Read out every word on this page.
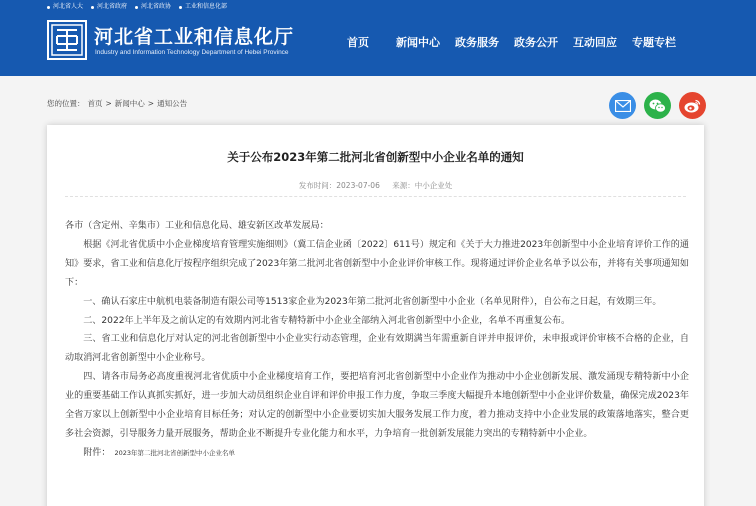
河北省人大 河北省政府 河北省政协 工业和信息化部
河北省工业和信息化厅
Industry and Information Technology Department of Hebei Province
首页 新闻中心 政务服务 政务公开 互动回应 专题专栏
您的位置： 首页 > 新闻中心 > 通知公告
关于公布2023年第二批河北省创新型中小企业名单的通知
发布时间：2023-07-06 来源：中小企业处

各市（含定州、辛集市）工业和信息化局、雄安新区改革发展局：

根据《河北省优质中小企业梯度培育管理实施细则》（冀工信企业函〔2022〕611号）规定和《关于大力推进2023年创新型中小企业培育评价工作的通知》要求，省工业和信息化厅按程序组织完成了2023年第二批河北省创新型中小企业评价审核工作。现将通过评价企业名单予以公布，并将有关事项通知如下：

一、确认石家庄中航机电装备制造有限公司等1513家企业为2023年第二批河北省创新型中小企业（名单见附件），自公布之日起，有效期三年。

二、2022年上半年及之前认定的有效期内河北省专精特新中小企业全部纳入河北省创新型中小企业，名单不再重复公布。

三、省工业和信息化厅对认定的河北省创新型中小企业实行动态管理，企业有效期满当年需重新自评并申报评价，未申报或评价审核不合格的企业，自动取消河北省创新型中小企业称号。

四、请各市局务必高度重视河北省优质中小企业梯度培育工作，要把培育河北省创新型中小企业作为推动中小企业创新发展、激发涌现专精特新中小企业的重要基础工作认真抓实抓好，进一步加大动员组织企业自评和评价申报工作力度，争取三季度大幅提升本地创新型中小企业评价数量，确保完成2023年全省万家以上创新型中小企业培育目标任务；对认定的创新型中小企业要切实加大服务发展工作力度，着力推动支持中小企业发展的政策落地落实，整合更多社会资源，引导服务力量开展服务，帮助企业不断提升专业化能力和水平，力争培育一批创新发展能力突出的专精特新中小企业。

附件： 2023年第二批河北省创新型中小企业名单
